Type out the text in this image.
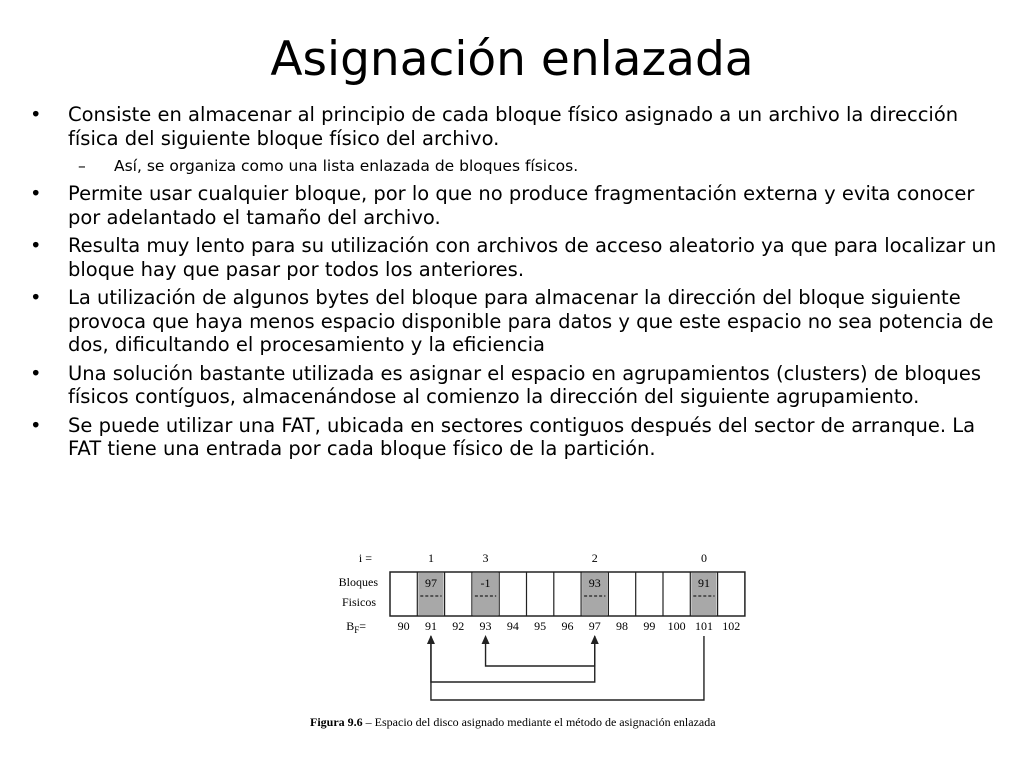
Asignación enlazada
• Consiste en almacenar al principio de cada bloque físico asignado a un archivo la dirección física del siguiente bloque físico del archivo.
– Así, se organiza como una lista enlazada de bloques físicos.
• Permite usar cualquier bloque, por lo que no produce fragmentación externa y evita conocer por adelantado el tamaño del archivo.
• Resulta muy lento para su utilización con archivos de acceso aleatorio ya que para localizar un bloque hay que pasar por todos los anteriores.
• La utilización de algunos bytes del bloque para almacenar la dirección del bloque siguiente provoca que haya menos espacio disponible para datos y que este espacio no sea potencia de dos, dificultando el procesamiento y la eficiencia
• Una solución bastante utilizada es asignar el espacio en agrupamientos (clusters) de bloques físicos contíguos, almacenándose al comienzo la dirección del siguiente agrupamiento.
• Se puede utilizar una FAT, ubicada en sectores contiguos después del sector de arranque. La FAT tiene una entrada por cada bloque físico de la partición.
i =
Bloques
Fisicos
$B_F=$
97
1
-1
3
93
2
91
0
90 91 92 93 94 95 96 97 98 99 100 101 102
Figura 9.6 – Espacio del disco asignado mediante el método de asignación enlazada
